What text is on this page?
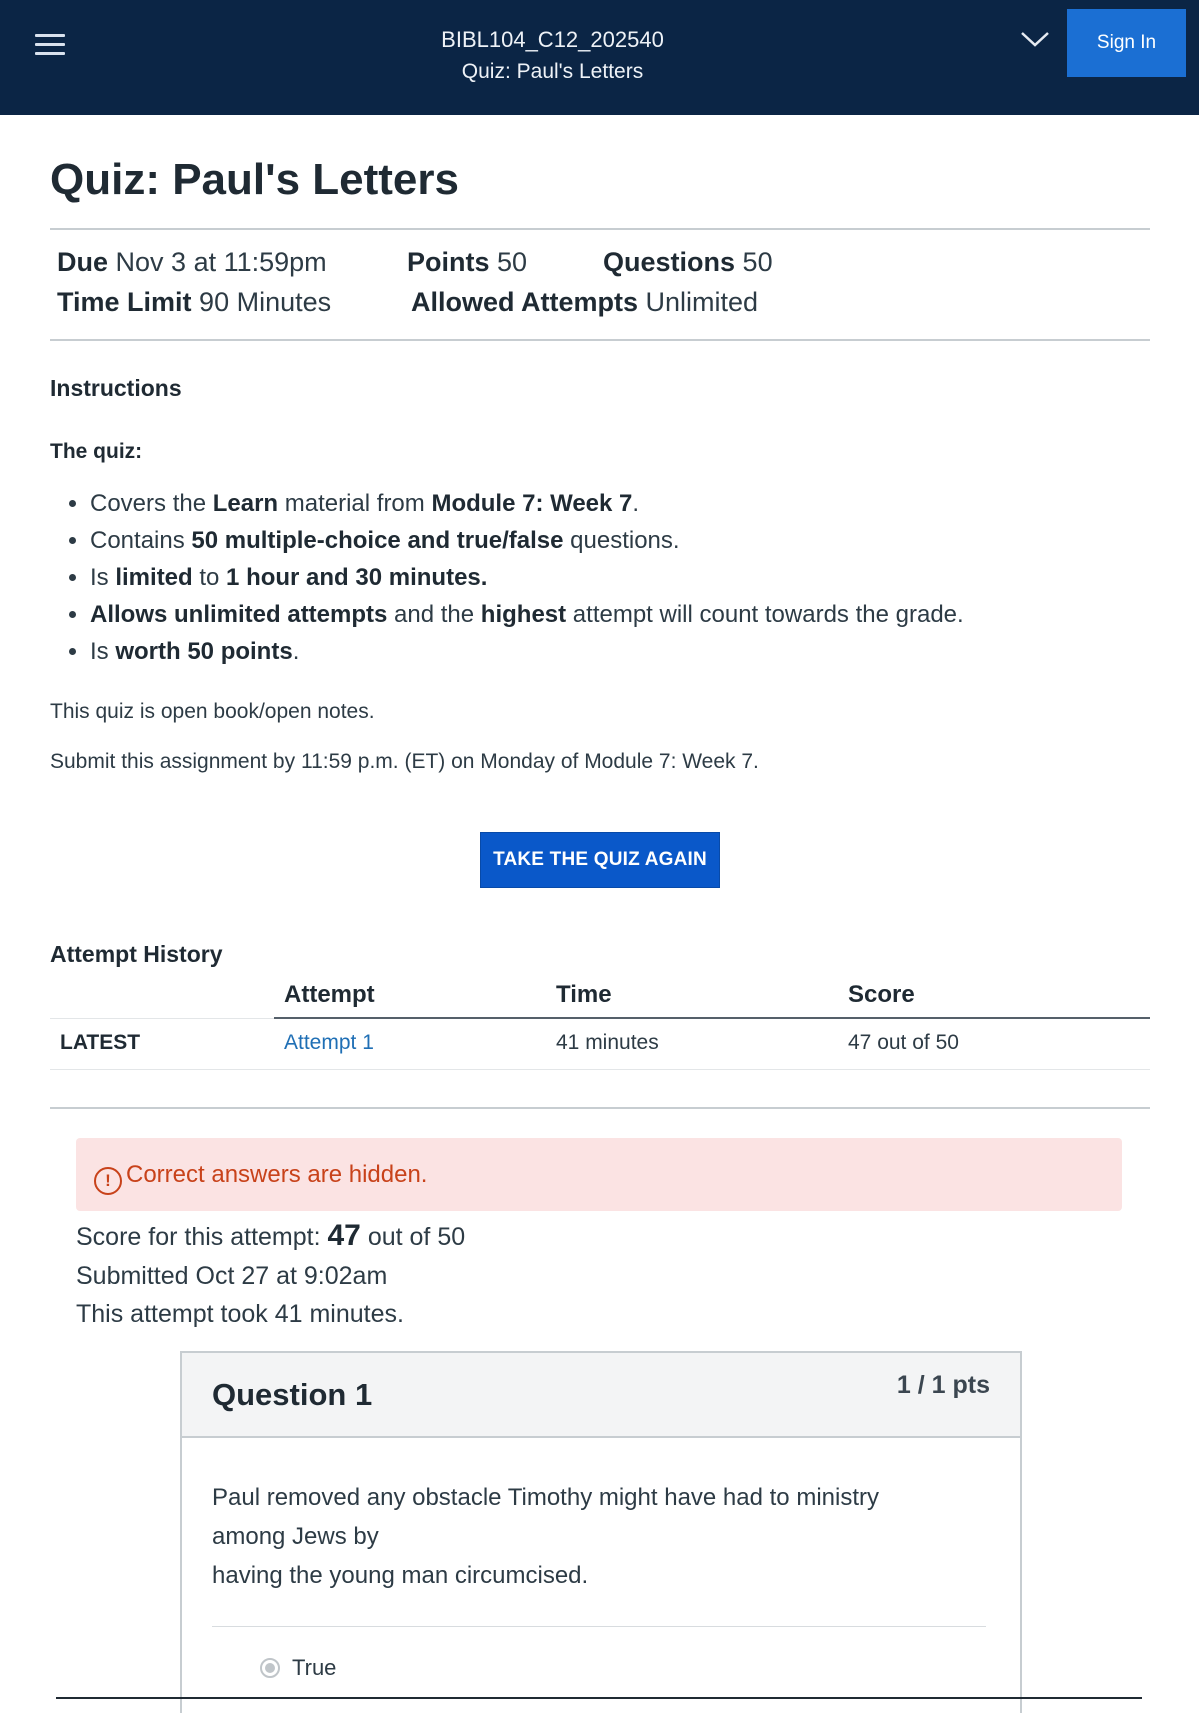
BIBL104_C12_202540
Quiz: Paul's Letters
Sign In
Quiz: Paul's Letters
Due Nov 3 at 11:59pm	Points 50	Questions 50
Time Limit 90 Minutes	Allowed Attempts Unlimited
Instructions
The quiz:
• Covers the Learn material from Module 7: Week 7.
• Contains 50 multiple-choice and true/false questions.
• Is limited to 1 hour and 30 minutes.
• Allows unlimited attempts and the highest attempt will count towards the grade.
• Is worth 50 points.
This quiz is open book/open notes.
Submit this assignment by 11:59 p.m. (ET) on Monday of Module 7: Week 7.
TAKE THE QUIZ AGAIN
Attempt History
	Attempt	Time	Score
LATEST	Attempt 1	41 minutes	47 out of 50
! Correct answers are hidden.
Score for this attempt: 47 out of 50
Submitted Oct 27 at 9:02am
This attempt took 41 minutes.
Question 1	1 / 1 pts
Paul removed any obstacle Timothy might have had to ministry among Jews by
having the young man circumcised.
True
